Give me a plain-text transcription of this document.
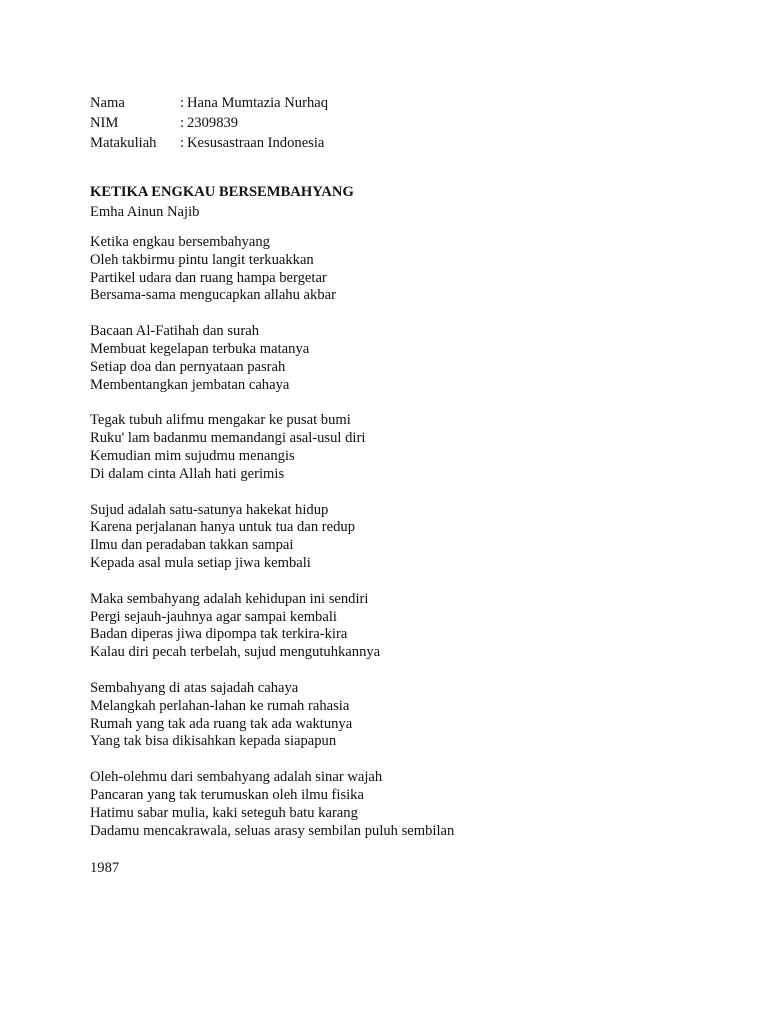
Nama	: Hana Mumtazia Nurhaq
NIM	: 2309839
Matakuliah	: Kesusastraan Indonesia
KETIKA ENGKAU BERSEMBAHYANG
Emha Ainun Najib
Ketika engkau bersembahyang
Oleh takbirmu pintu langit terkuakkan
Partikel udara dan ruang hampa bergetar
Bersama-sama mengucapkan allahu akbar
Bacaan Al-Fatihah dan surah
Membuat kegelapan terbuka matanya
Setiap doa dan pernyataan pasrah
Membentangkan jembatan cahaya
Tegak tubuh alifmu mengakar ke pusat bumi
Ruku' lam badanmu memandangi asal-usul diri
Kemudian mim sujudmu menangis
Di dalam cinta Allah hati gerimis
Sujud adalah satu-satunya hakekat hidup
Karena perjalanan hanya untuk tua dan redup
Ilmu dan peradaban takkan sampai
Kepada asal mula setiap jiwa kembali
Maka sembahyang adalah kehidupan ini sendiri
Pergi sejauh-jauhnya agar sampai kembali
Badan diperas jiwa dipompa tak terkira-kira
Kalau diri pecah terbelah, sujud mengutuhkannya
Sembahyang di atas sajadah cahaya
Melangkah perlahan-lahan ke rumah rahasia
Rumah yang tak ada ruang tak ada waktunya
Yang tak bisa dikisahkan kepada siapapun
Oleh-olehmu dari sembahyang adalah sinar wajah
Pancaran yang tak terumuskan oleh ilmu fisika
Hatimu sabar mulia, kaki seteguh batu karang
Dadamu mencakrawala, seluas arasy sembilan puluh sembilan
1987
